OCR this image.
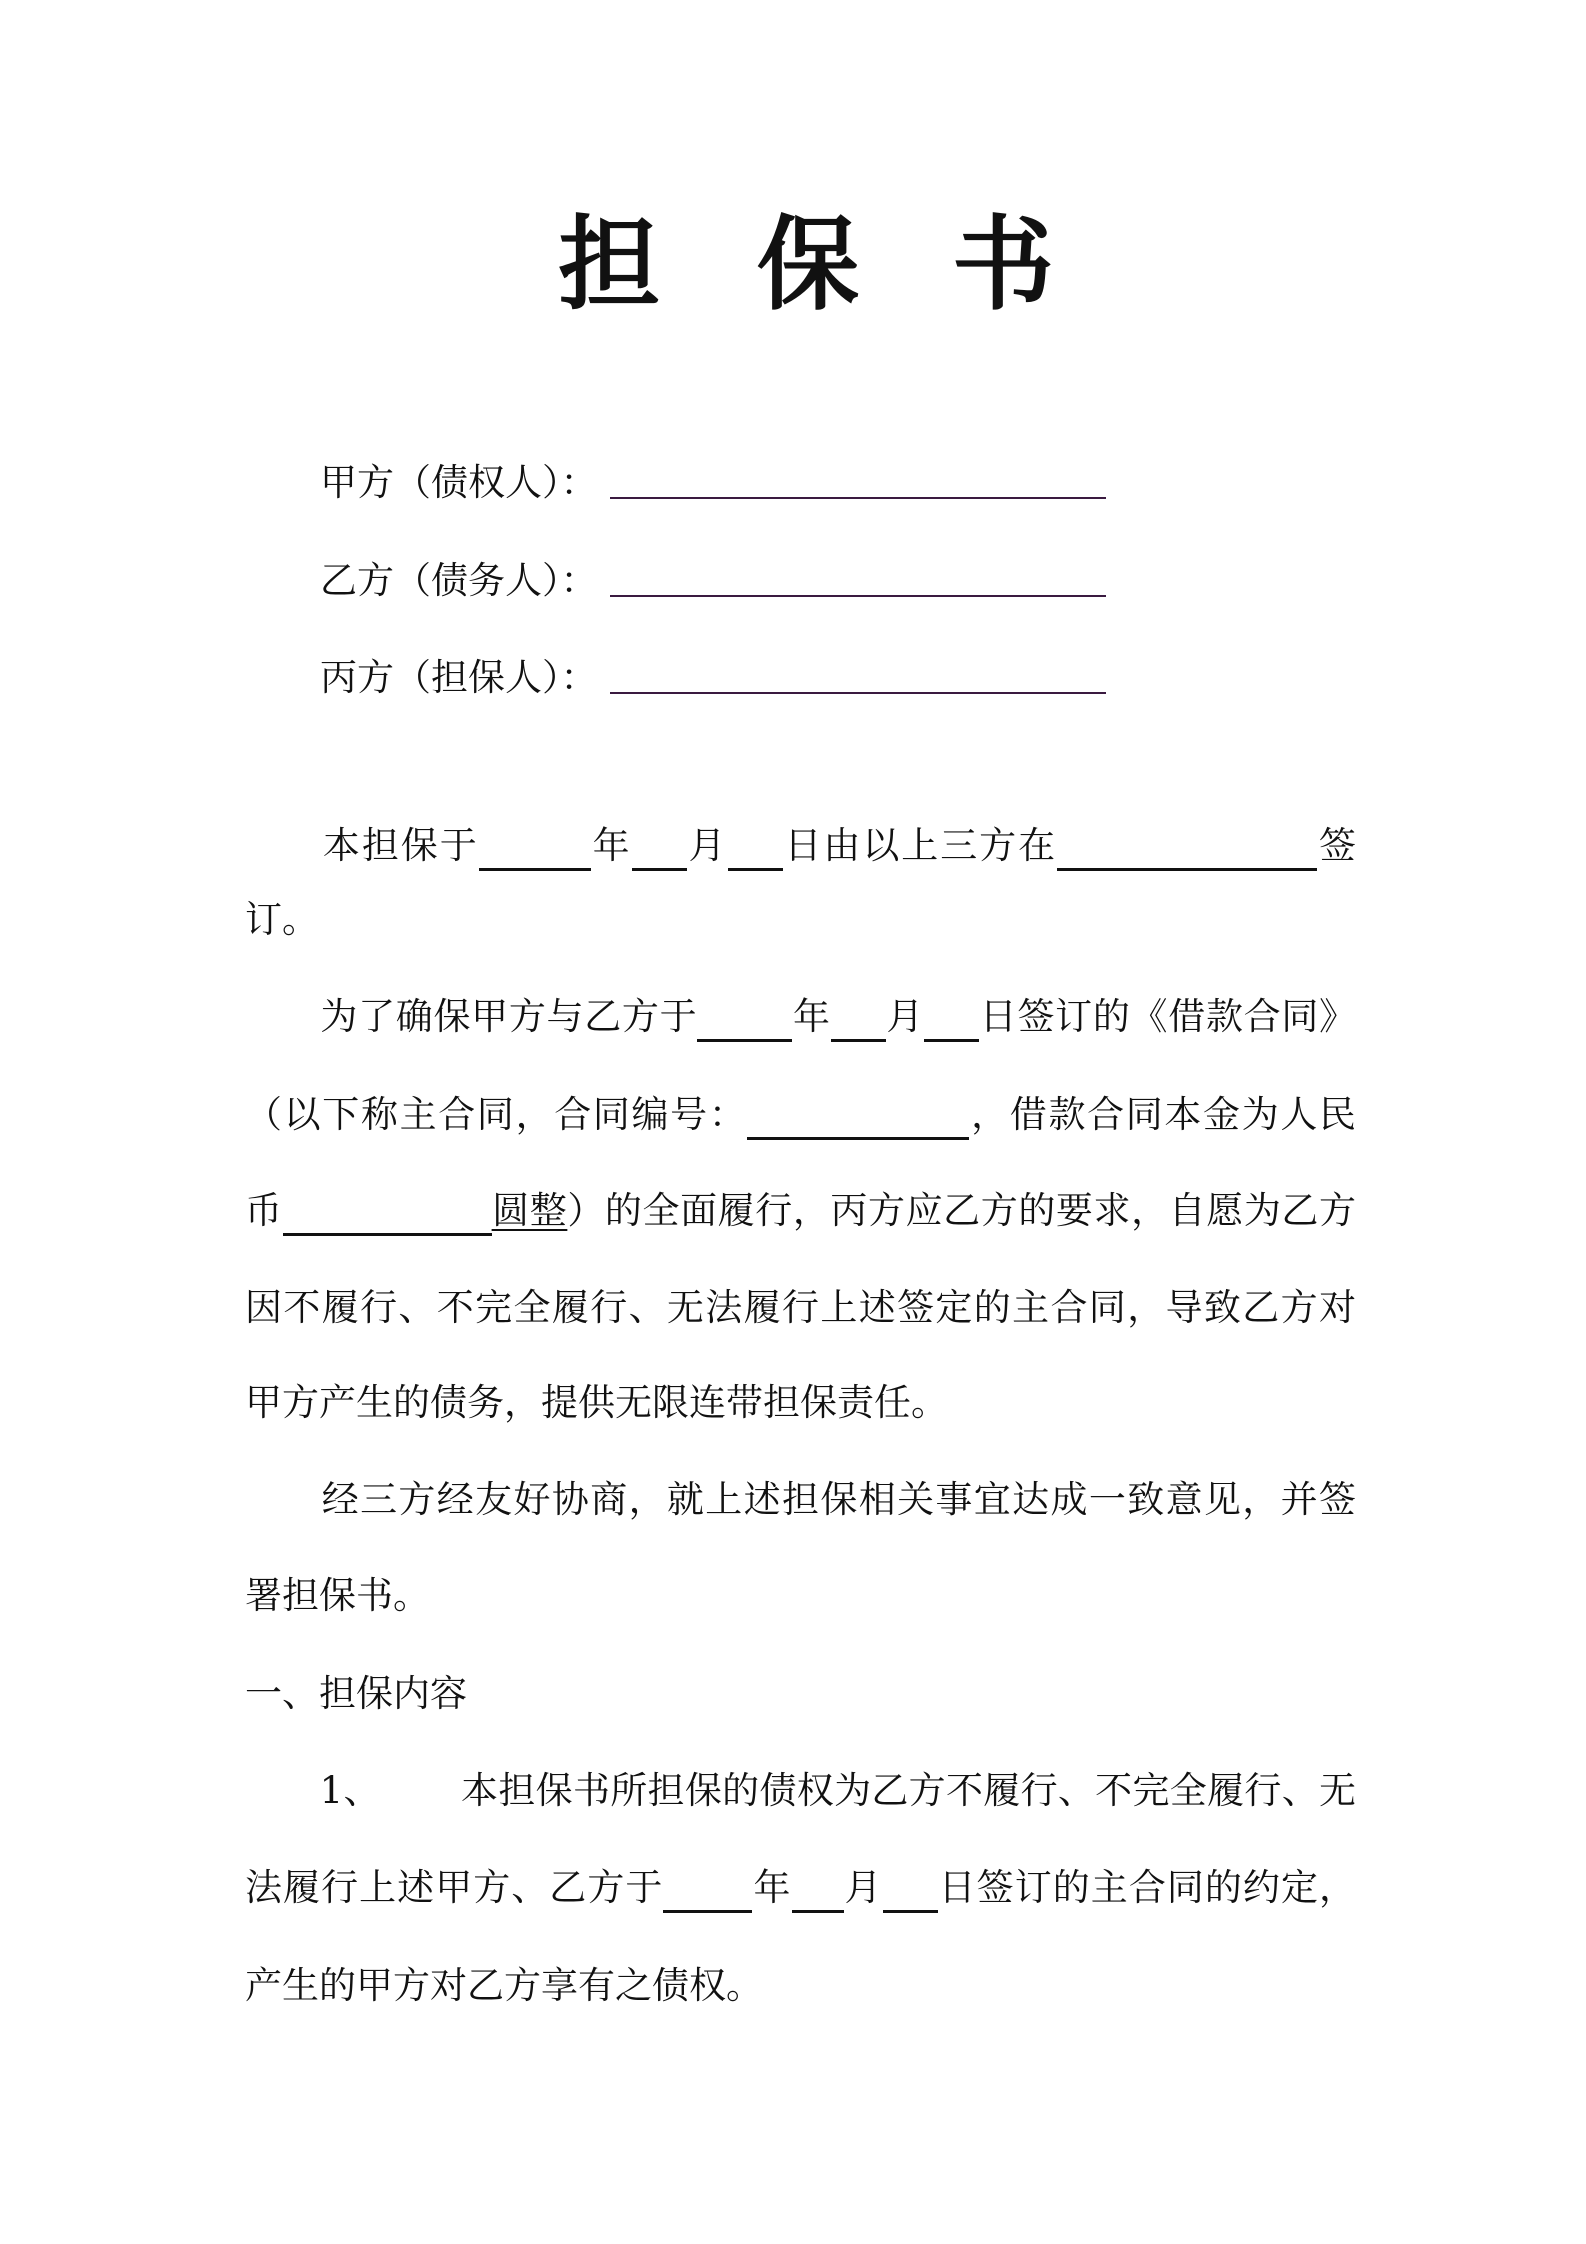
担 保 书
甲方（债权人）：
乙方（债务人）：
丙方（担保人）：
　　本担保于	年 月 日由以上三方在	签
订。
　　为了确保甲方与乙方于	年 月 日签订的《借款合同》
（以下称主合同，合同编号：	，借款合同本金为人民
币	圆整）的全面履行，丙方应乙方的要求，自愿为乙方
因不履行、不完全履行、无法履行上述签定的主合同，导致乙方对
甲方产生的债务，提供无限连带担保责任。
　　经三方经友好协商，就上述担保相关事宜达成一致意见，并签
署担保书。
一、担保内容
　　1、 本担保书所担保的债权为乙方不履行、不完全履行、无
法履行上述甲方、乙方于 年 月 日签订的主合同的约定，
产生的甲方对乙方享有之债权。
